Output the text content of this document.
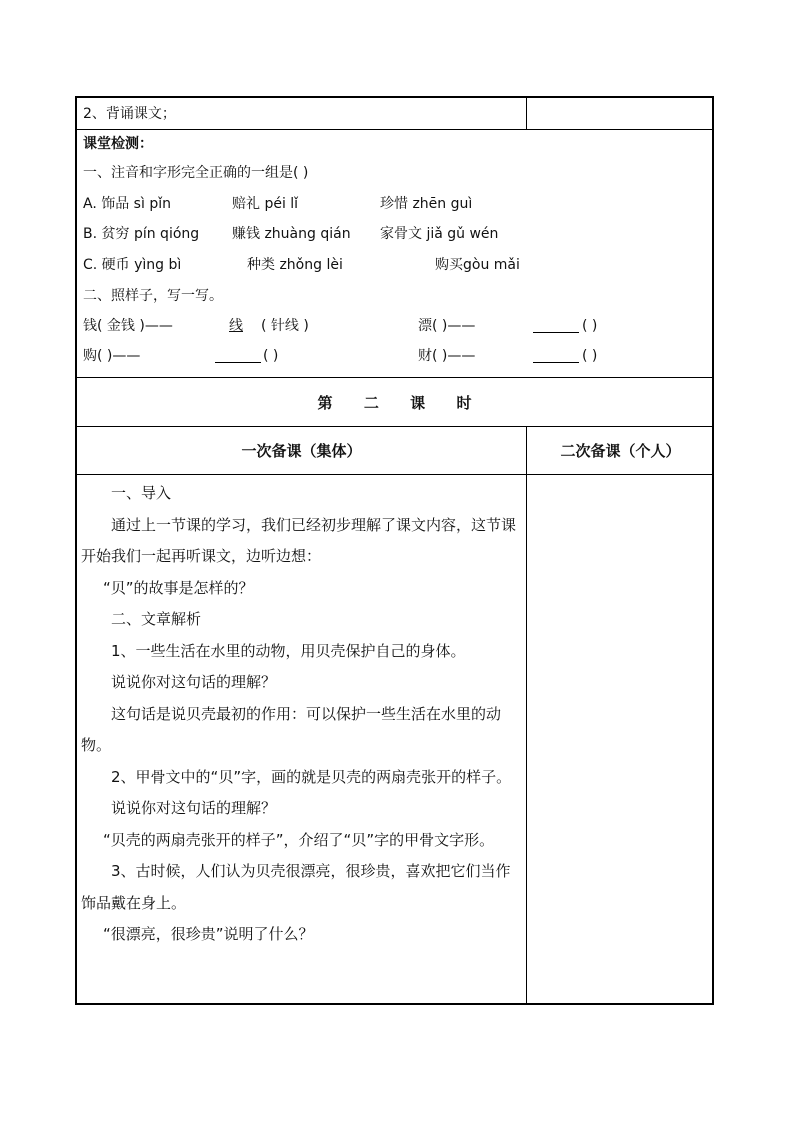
2、背诵课文；
课堂检测：
一、注音和字形完全正确的一组是( )
A. 饰品 sì pǐn	赔礼 péi lǐ	珍惜 zhēn guì
B. 贫穷 pín qióng 赚钱 zhuàng qián 家骨文 jiǎ gǔ wén
C. 硬币 yìng bì	种类 zhǒng lèi	购买gòu mǎi
二、照样子，写一写。
钱( 金钱 )——	线	( 针线 )	漂( )——	( )
购( )——	( )	财( )——	( )
第      二      课      时
一次备课（集体）	二次备课（个人）

一、导入

通过上一节课的学习，我们已经初步理解了课文内容，这节课开始我们一起再听课文，边听边想：

“贝”的故事是怎样的？

二、文章解析

1、一些生活在水里的动物，用贝壳保护自己的身体。

说说你对这句话的理解？

这句话是说贝壳最初的作用：可以保护一些生活在水里的动物。

2、甲骨文中的“贝”字，画的就是贝壳的两扇壳张开的样子。

说说你对这句话的理解？

“贝壳的两扇壳张开的样子”，介绍了“贝”字的甲骨文字形。

3、古时候，人们认为贝壳很漂亮，很珍贵，喜欢把它们当作饰品戴在身上。

“很漂亮，很珍贵”说明了什么？
